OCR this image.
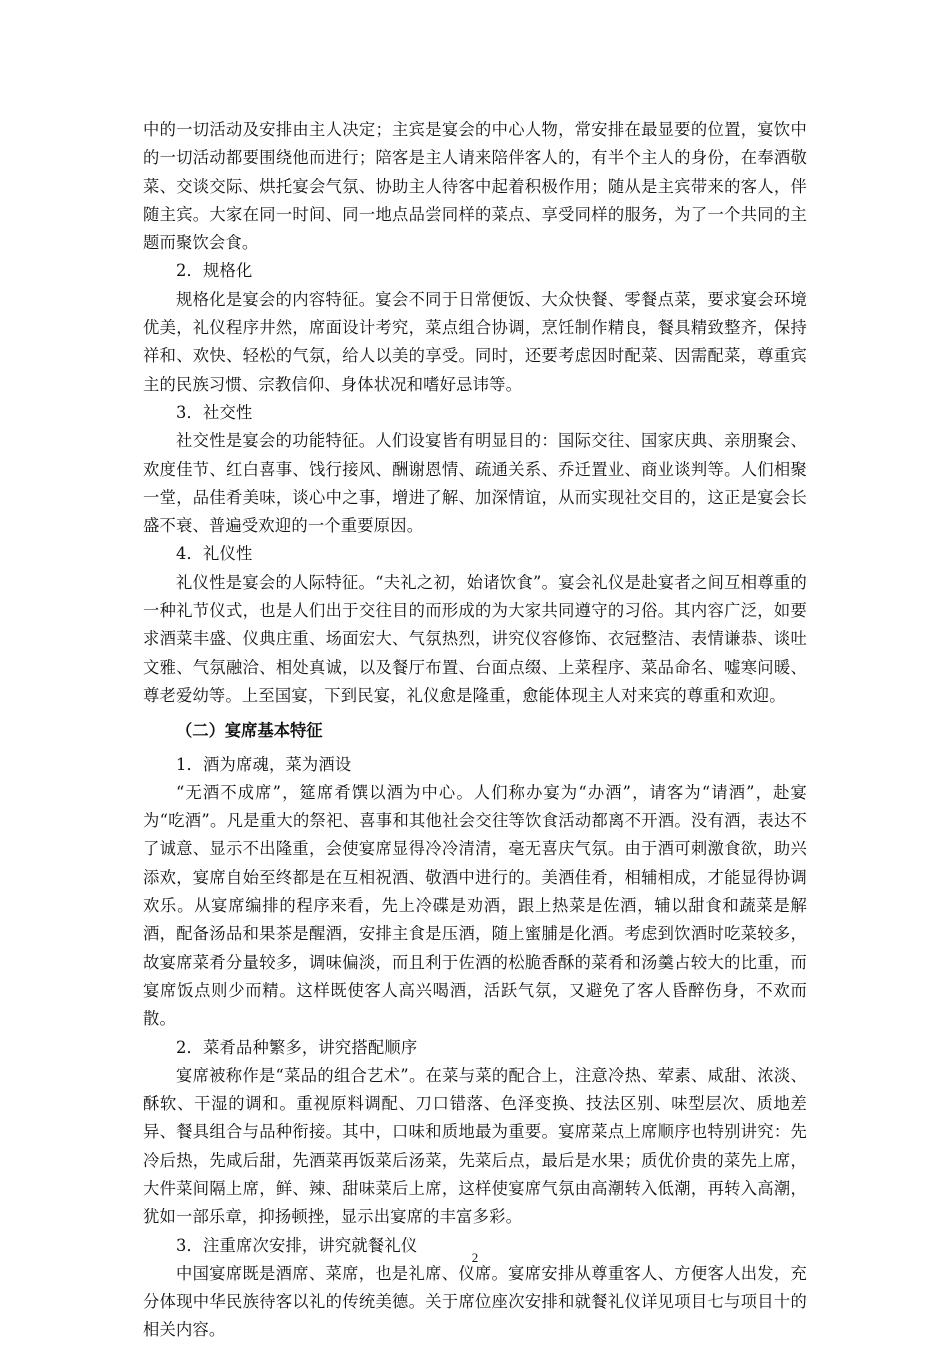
中的一切活动及安排由主人决定；主宾是宴会的中心人物，常安排在最显要的位置，宴饮中的一切活动都要围绕他而进行；陪客是主人请来陪伴客人的，有半个主人的身份，在奉酒敬菜、交谈交际、烘托宴会气氛、协助主人待客中起着积极作用；随从是主宾带来的客人，伴随主宾。大家在同一时间、同一地点品尝同样的菜点、享受同样的服务，为了一个共同的主题而聚饮会食。

2．规格化

规格化是宴会的内容特征。宴会不同于日常便饭、大众快餐、零餐点菜，要求宴会环境优美，礼仪程序井然，席面设计考究，菜点组合协调，烹饪制作精良，餐具精致整齐，保持祥和、欢快、轻松的气氛，给人以美的享受。同时，还要考虑因时配菜、因需配菜，尊重宾主的民族习惯、宗教信仰、身体状况和嗜好忌讳等。

3．社交性

社交性是宴会的功能特征。人们设宴皆有明显目的：国际交往、国家庆典、亲朋聚会、欢度佳节、红白喜事、饯行接风、酬谢恩情、疏通关系、乔迁置业、商业谈判等。人们相聚一堂，品佳肴美味，谈心中之事，增进了解、加深情谊，从而实现社交目的，这正是宴会长盛不衰、普遍受欢迎的一个重要原因。

4．礼仪性

礼仪性是宴会的人际特征。“夫礼之初，始诸饮食”。宴会礼仪是赴宴者之间互相尊重的一种礼节仪式，也是人们出于交往目的而形成的为大家共同遵守的习俗。其内容广泛，如要求酒菜丰盛、仪典庄重、场面宏大、气氛热烈，讲究仪容修饰、衣冠整洁、表情谦恭、谈吐文雅、气氛融洽、相处真诚，以及餐厅布置、台面点缀、上菜程序、菜品命名、嘘寒问暖、尊老爱幼等。上至国宴，下到民宴，礼仪愈是隆重，愈能体现主人对来宾的尊重和欢迎。

（二）宴席基本特征

1．酒为席魂，菜为酒设

“无酒不成席”，筵席肴馔以酒为中心。人们称办宴为“办酒”，请客为“请酒”，赴宴为“吃酒”。凡是重大的祭祀、喜事和其他社会交往等饮食活动都离不开酒。没有酒，表达不了诚意、显示不出隆重，会使宴席显得冷冷清清，毫无喜庆气氛。由于酒可刺激食欲，助兴添欢，宴席自始至终都是在互相祝酒、敬酒中进行的。美酒佳肴，相辅相成，才能显得协调欢乐。从宴席编排的程序来看，先上冷碟是劝酒，跟上热菜是佐酒，辅以甜食和蔬菜是解酒，配备汤品和果茶是醒酒，安排主食是压酒，随上蜜脯是化酒。考虑到饮酒时吃菜较多，故宴席菜肴分量较多，调味偏淡，而且利于佐酒的松脆香酥的菜肴和汤羹占较大的比重，而宴席饭点则少而精。这样既使客人高兴喝酒，活跃气氛，又避免了客人昏醉伤身，不欢而散。

2．菜肴品种繁多，讲究搭配顺序

宴席被称作是“菜品的组合艺术”。在菜与菜的配合上，注意冷热、荤素、咸甜、浓淡、酥软、干湿的调和。重视原料调配、刀口错落、色泽变换、技法区别、味型层次、质地差异、餐具组合与品种衔接。其中，口味和质地最为重要。宴席菜点上席顺序也特别讲究：先冷后热，先咸后甜，先酒菜再饭菜后汤菜，先菜后点，最后是水果；质优价贵的菜先上席，大件菜间隔上席，鲜、辣、甜味菜后上席，这样使宴席气氛由高潮转入低潮，再转入高潮，犹如一部乐章，抑扬顿挫，显示出宴席的丰富多彩。

3．注重席次安排，讲究就餐礼仪

中国宴席既是酒席、菜席，也是礼席、仪席。宴席安排从尊重客人、方便客人出发，充分体现中华民族待客以礼的传统美德。关于席位座次安排和就餐礼仪详见项目七与项目十的相关内容。

2
